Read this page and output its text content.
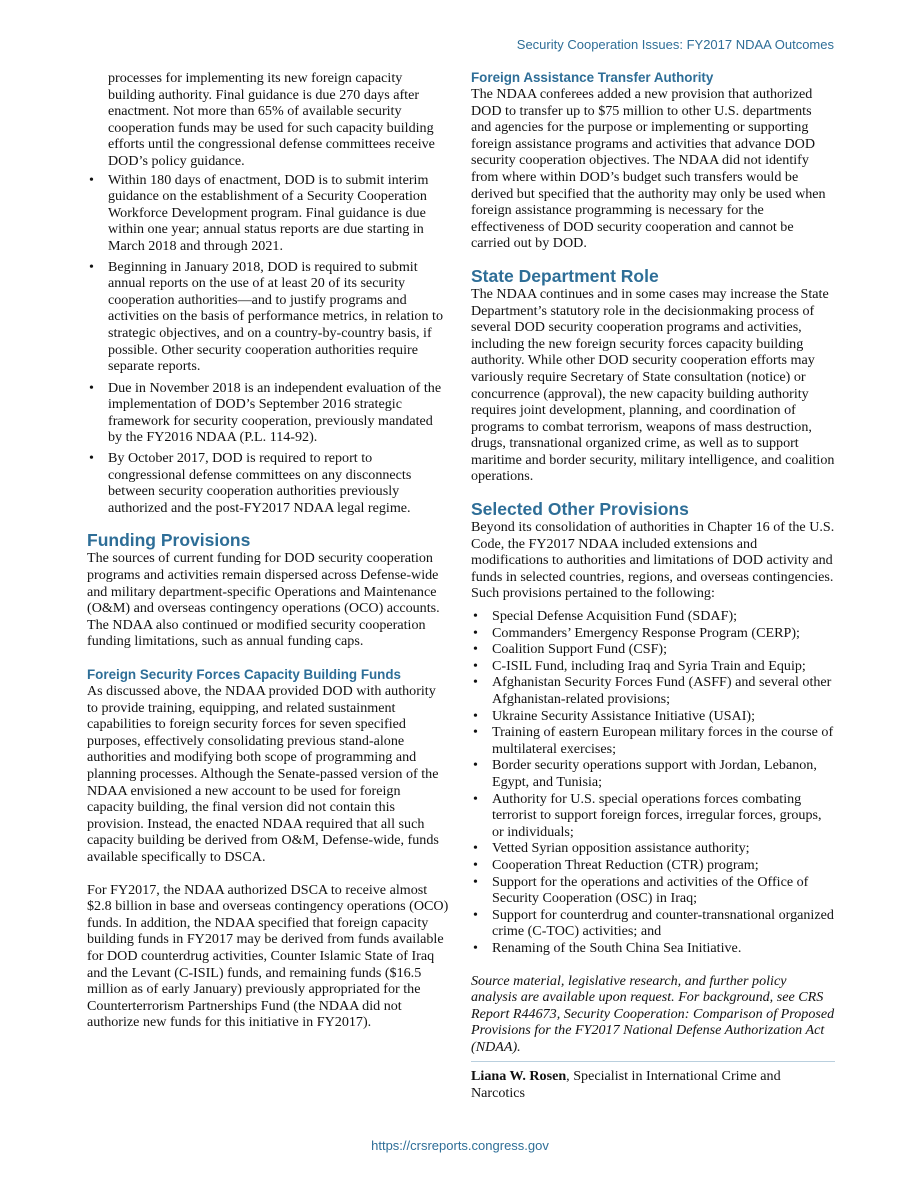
Security Cooperation Issues: FY2017 NDAA Outcomes

processes for implementing its new foreign capacity building authority. Final guidance is due 270 days after enactment. Not more than 65% of available security cooperation funds may be used for such capacity building efforts until the congressional defense committees receive DOD’s policy guidance.

• Within 180 days of enactment, DOD is to submit interim guidance on the establishment of a Security Cooperation Workforce Development program. Final guidance is due within one year; annual status reports are due starting in March 2018 and through 2021.
• Beginning in January 2018, DOD is required to submit annual reports on the use of at least 20 of its security cooperation authorities—and to justify programs and activities on the basis of performance metrics, in relation to strategic objectives, and on a country-by-country basis, if possible. Other security cooperation authorities require separate reports.
• Due in November 2018 is an independent evaluation of the implementation of DOD’s September 2016 strategic framework for security cooperation, previously mandated by the FY2016 NDAA (P.L. 114-92).
• By October 2017, DOD is required to report to congressional defense committees on any disconnects between security cooperation authorities previously authorized and the post-FY2017 NDAA legal regime.
Funding Provisions

The sources of current funding for DOD security cooperation programs and activities remain dispersed across Defense-wide and military department-specific Operations and Maintenance (O&M) and overseas contingency operations (OCO) accounts. The NDAA also continued or modified security cooperation funding limitations, such as annual funding caps.

Foreign Security Forces Capacity Building Funds

As discussed above, the NDAA provided DOD with authority to provide training, equipping, and related sustainment capabilities to foreign security forces for seven specified purposes, effectively consolidating previous stand-alone authorities and modifying both scope of programming and planning processes. Although the Senate-passed version of the NDAA envisioned a new account to be used for foreign capacity building, the final version did not contain this provision. Instead, the enacted NDAA required that all such capacity building be derived from O&M, Defense-wide, funds available specifically to DSCA.

For FY2017, the NDAA authorized DSCA to receive almost $2.8 billion in base and overseas contingency operations (OCO) funds. In addition, the NDAA specified that foreign capacity building funds in FY2017 may be derived from funds available for DOD counterdrug activities, Counter Islamic State of Iraq and the Levant (C-ISIL) funds, and remaining funds ($16.5 million as of early January) previously appropriated for the Counterterrorism Partnerships Fund (the NDAA did not authorize new funds for this initiative in FY2017).

Foreign Assistance Transfer Authority

The NDAA conferees added a new provision that authorized DOD to transfer up to $75 million to other U.S. departments and agencies for the purpose or implementing or supporting foreign assistance programs and activities that advance DOD security cooperation objectives. The NDAA did not identify from where within DOD’s budget such transfers would be derived but specified that the authority may only be used when foreign assistance programming is necessary for the effectiveness of DOD security cooperation and cannot be carried out by DOD.

State Department Role

The NDAA continues and in some cases may increase the State Department’s statutory role in the decisionmaking process of several DOD security cooperation programs and activities, including the new foreign security forces capacity building authority. While other DOD security cooperation efforts may variously require Secretary of State consultation (notice) or concurrence (approval), the new capacity building authority requires joint development, planning, and coordination of programs to combat terrorism, weapons of mass destruction, drugs, transnational organized crime, as well as to support maritime and border security, military intelligence, and coalition operations.

Selected Other Provisions

Beyond its consolidation of authorities in Chapter 16 of the U.S. Code, the FY2017 NDAA included extensions and modifications to authorities and limitations of DOD activity and funds in selected countries, regions, and overseas contingencies. Such provisions pertained to the following:

• Special Defense Acquisition Fund (SDAF);
• Commanders’ Emergency Response Program (CERP);
• Coalition Support Fund (CSF);
• C-ISIL Fund, including Iraq and Syria Train and Equip;
• Afghanistan Security Forces Fund (ASFF) and several other Afghanistan-related provisions;
• Ukraine Security Assistance Initiative (USAI);
• Training of eastern European military forces in the course of multilateral exercises;
• Border security operations support with Jordan, Lebanon, Egypt, and Tunisia;
• Authority for U.S. special operations forces combating terrorist to support foreign forces, irregular forces, groups, or individuals;
• Vetted Syrian opposition assistance authority;
• Cooperation Threat Reduction (CTR) program;
• Support for the operations and activities of the Office of Security Cooperation (OSC) in Iraq;
• Support for counterdrug and counter-transnational organized crime (C-TOC) activities; and
• Renaming of the South China Sea Initiative.

Source material, legislative research, and further policy analysis are available upon request. For background, see CRS Report R44673, Security Cooperation: Comparison of Proposed Provisions for the FY2017 National Defense Authorization Act (NDAA).

Liana W. Rosen, Specialist in International Crime and Narcotics

https://crsreports.congress.gov
